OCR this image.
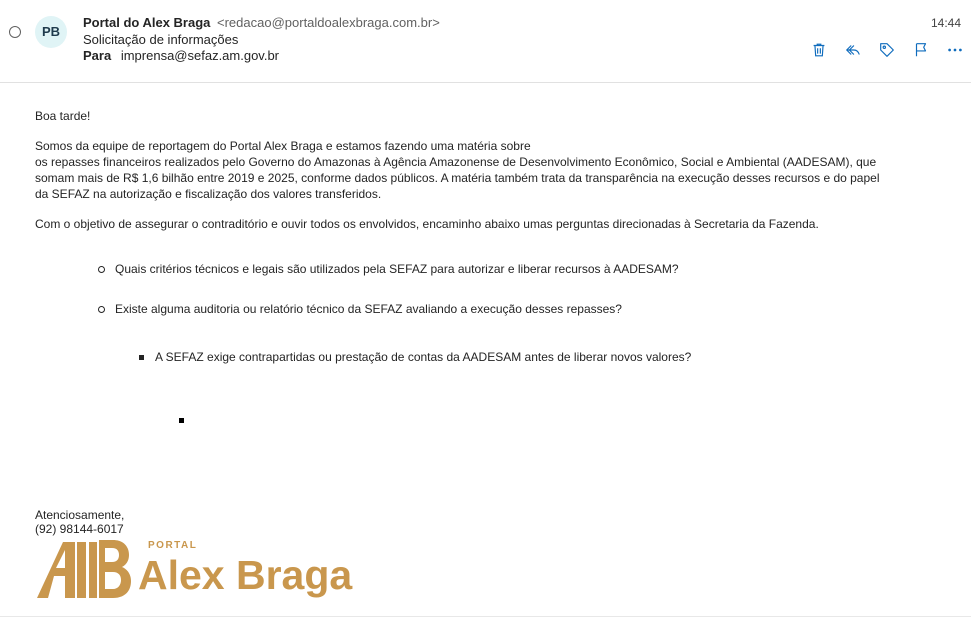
PB
Portal do Alex Braga <redacao@portaldoalexbraga.com.br>
Solicitação de informações
Para imprensa@sefaz.am.gov.br
14:44

Boa tarde!

Somos da equipe de reportagem do Portal Alex Braga e estamos fazendo uma matéria sobre
os repasses financeiros realizados pelo Governo do Amazonas à Agência Amazonense de Desenvolvimento Econômico, Social e Ambiental (AADESAM), que
somam mais de R$ 1,6 bilhão entre 2019 e 2025, conforme dados públicos. A matéria também trata da transparência na execução desses recursos e do papel
da SEFAZ na autorização e fiscalização dos valores transferidos.

Com o objetivo de assegurar o contraditório e ouvir todos os envolvidos, encaminho abaixo umas perguntas direcionadas à Secretaria da Fazenda.

Quais critérios técnicos e legais são utilizados pela SEFAZ para autorizar e liberar recursos à AADESAM?
Existe alguma auditoria ou relatório técnico da SEFAZ avaliando a execução desses repasses?
A SEFAZ exige contrapartidas ou prestação de contas da AADESAM antes de liberar novos valores?

Atenciosamente,

(92) 98144-6017

PORTAL
Alex Braga
